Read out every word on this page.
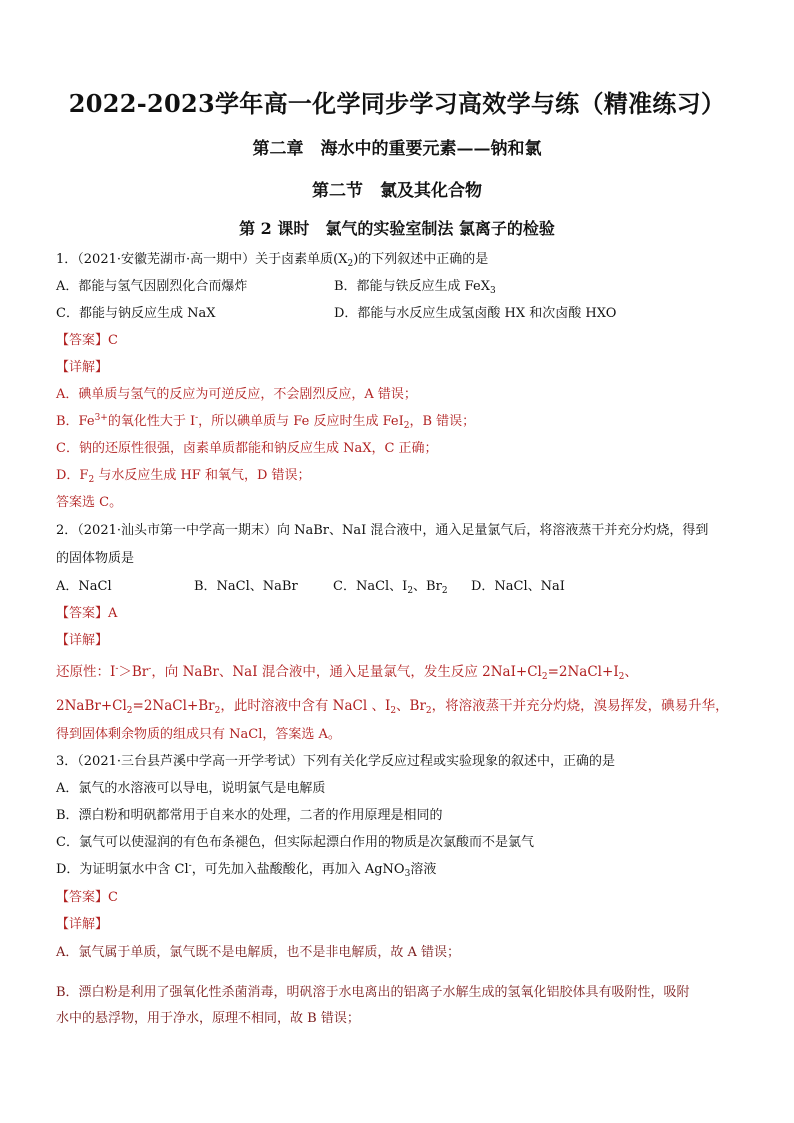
2022-2023学年高一化学同步学习高效学与练（精准练习）
第二章　海水中的重要元素——钠和氯
第二节　氯及其化合物
第 2 课时　氯气的实验室制法 氯离子的检验
1．（2021·安徽芜湖市·高一期中）关于卤素单质$(X_2)$的下列叙述中正确的是
A．都能与氢气因剧烈化合而爆炸	B．都能与铁反应生成 FeX$_3$
C．都能与钠反应生成 NaX	D．都能与水反应生成氢卤酸 HX 和次卤酸 HXO
【答案】C
【详解】
A．碘单质与氢气的反应为可逆反应，不会剧烈反应，A 错误；
B．$Fe^{3+}$的氧化性大于 I-，所以碘单质与 Fe 反应时生成 FeI$_2$，B 错误；
C．钠的还原性很强，卤素单质都能和钠反应生成 NaX，C 正确；
D．$F_2$ 与水反应生成 HF 和氧气，D 错误；
答案选 C。
2．（2021·汕头市第一中学高一期末）向 NaBr、NaI 混合液中，通入足量氯气后，将溶液蒸干并充分灼烧，得到
的固体物质是
A．NaCl	B．NaCl、NaBr	C．NaCl、$I_2$、$Br_2$ D．NaCl、NaI
【答案】A
【详解】
还原性：I-＞Br-，向 NaBr、NaI 混合液中，通入足量氯气，发生反应 $2NaI+Cl_2=2NaCl+I_2$、
$2NaBr+Cl_2=2NaCl+Br_2$，此时溶液中含有 NaCl 、$I_2$、$Br_2$，将溶液蒸干并充分灼烧，溴易挥发，碘易升华，
得到固体剩余物质的组成只有 NaCl，答案选 A。
3．（2021·三台县芦溪中学高一开学考试）下列有关化学反应过程或实验现象的叙述中，正确的是
A．氯气的水溶液可以导电，说明氯气是电解质
B．漂白粉和明矾都常用于自来水的处理，二者的作用原理是相同的
C．氯气可以使湿润的有色布条褪色，但实际起漂白作用的物质是次氯酸而不是氯气
D．为证明氯水中含 Cl-，可先加入盐酸酸化，再加入 AgNO$_3$溶液
【答案】C
【详解】
A．氯气属于单质，氯气既不是电解质，也不是非电解质，故 A 错误；
B．漂白粉是利用了强氧化性杀菌消毒，明矾溶于水电离出的铝离子水解生成的氢氧化铝胶体具有吸附性，吸附
水中的悬浮物，用于净水，原理不相同，故 B 错误；
